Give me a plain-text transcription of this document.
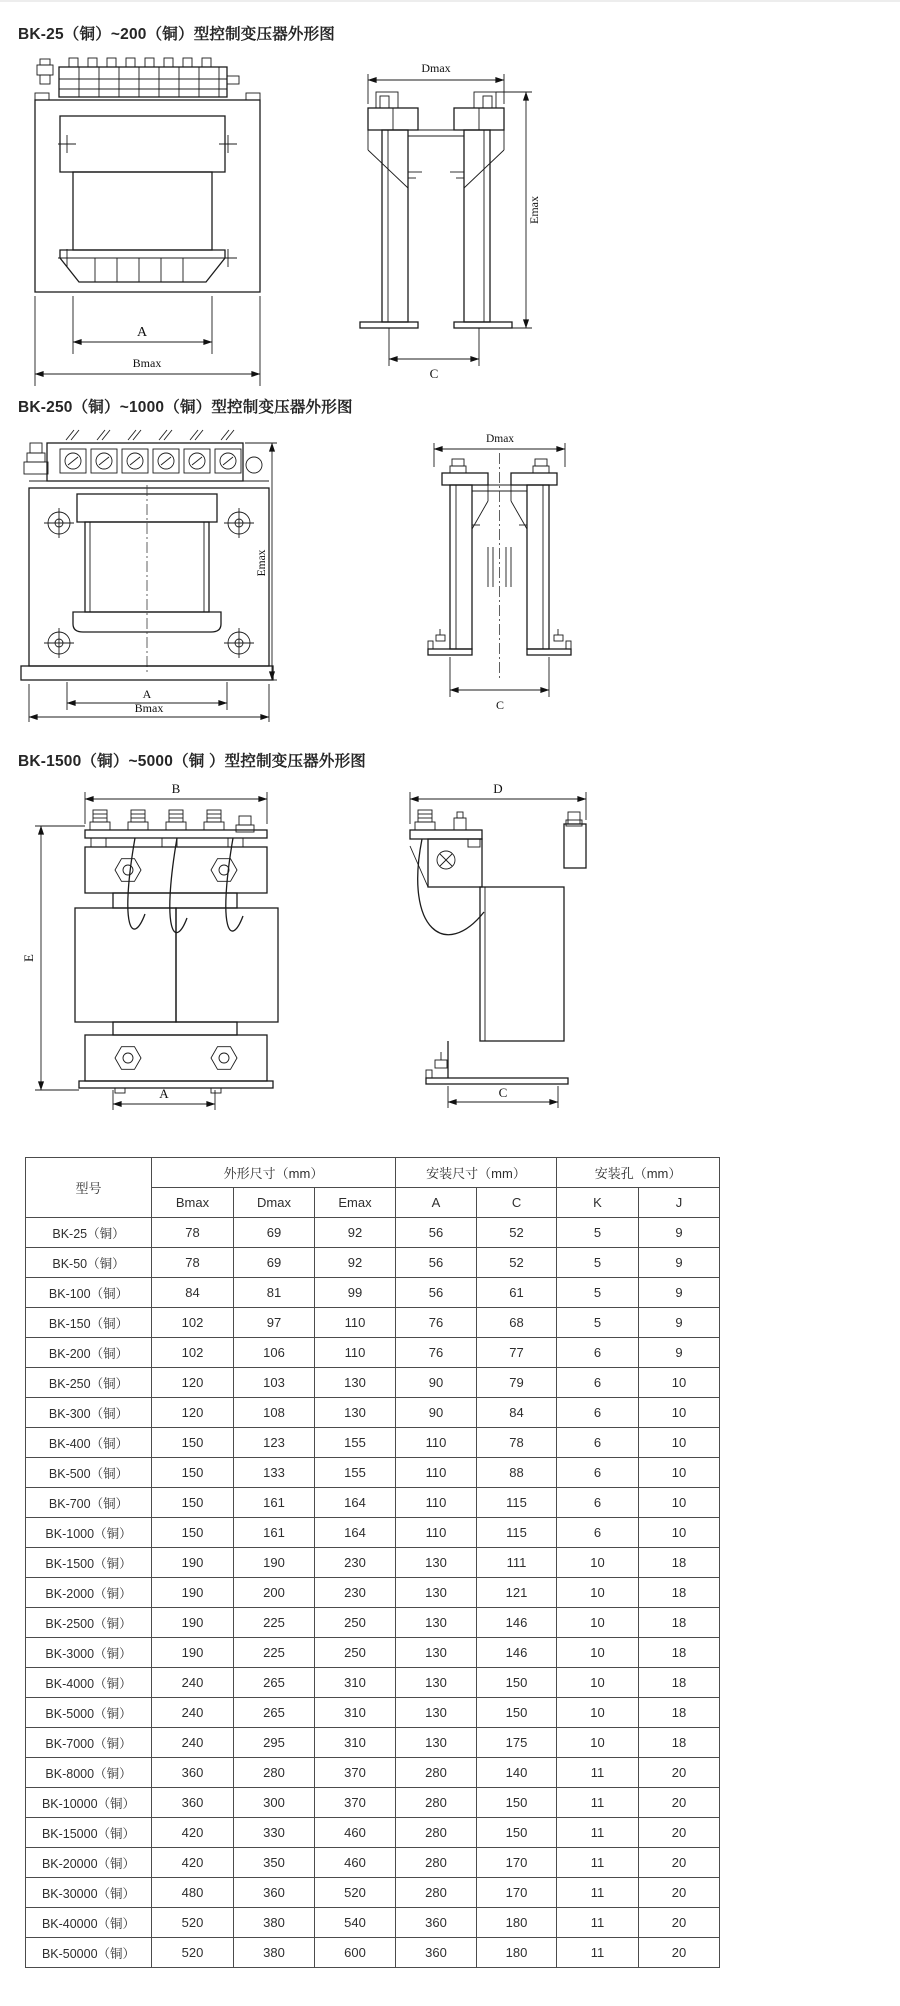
BK-25（铜）~200（铜）型控制变压器外形图
A
Bmax
Dmax
Emax
C
BK-250（铜）~1000（铜）型控制变压器外形图
Emax
A
Bmax
Dmax
C
BK-1500（铜）~5000（铜 ）型控制变压器外形图
B
E
A
D
C
型号	外形尺寸（mm）			安装尺寸（mm）		安装孔（mm）	
	Bmax	Dmax	Emax	A	C	K	J
BK-25（铜）	78	69	92	56	52	5	9
BK-50（铜）	78	69	92	56	52	5	9
BK-100（铜）	84	81	99	56	61	5	9
BK-150（铜）	102	97	110	76	68	5	9
BK-200（铜）	102	106	110	76	77	6	9
BK-250（铜）	120	103	130	90	79	6	10
BK-300（铜）	120	108	130	90	84	6	10
BK-400（铜）	150	123	155	110	78	6	10
BK-500（铜）	150	133	155	110	88	6	10
BK-700（铜）	150	161	164	110	115	6	10
BK-1000（铜）	150	161	164	110	115	6	10
BK-1500（铜）	190	190	230	130	111	10	18
BK-2000（铜）	190	200	230	130	121	10	18
BK-2500（铜）	190	225	250	130	146	10	18
BK-3000（铜）	190	225	250	130	146	10	18
BK-4000（铜）	240	265	310	130	150	10	18
BK-5000（铜）	240	265	310	130	150	10	18
BK-7000（铜）	240	295	310	130	175	10	18
BK-8000（铜）	360	280	370	280	140	11	20
BK-10000（铜）	360	300	370	280	150	11	20
BK-15000（铜）	420	330	460	280	150	11	20
BK-20000（铜）	420	350	460	280	170	11	20
BK-30000（铜）	480	360	520	280	170	11	20
BK-40000（铜）	520	380	540	360	180	11	20
BK-50000（铜）	520	380	600	360	180	11	20
